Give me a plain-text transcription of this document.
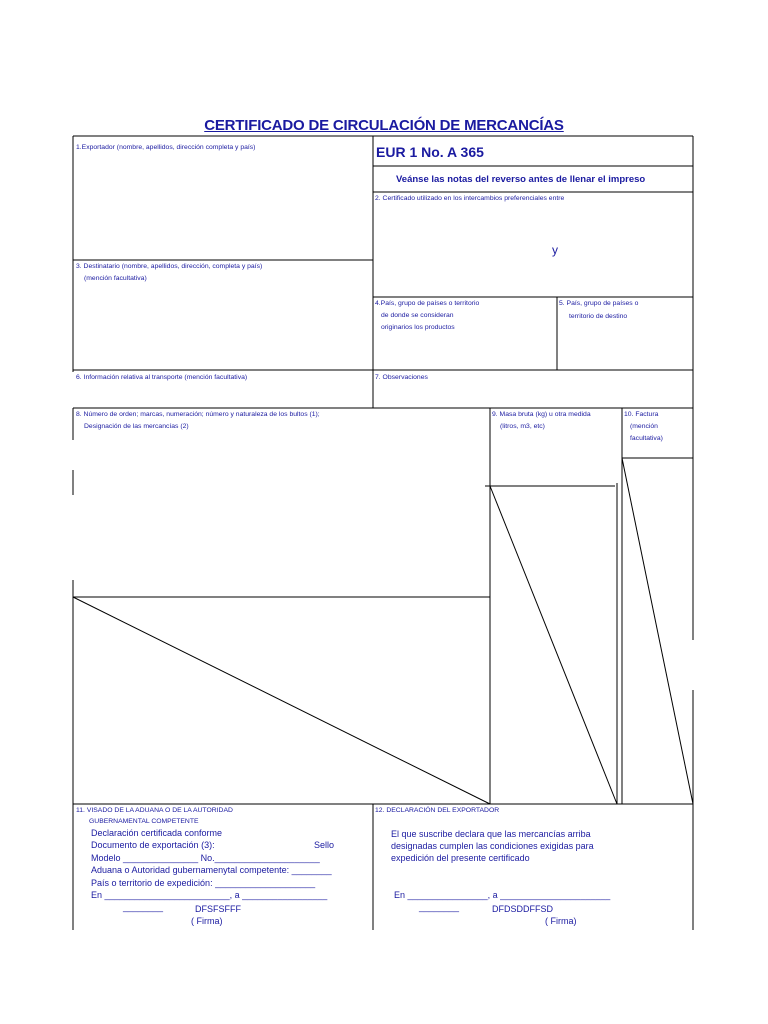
CERTIFICADO DE CIRCULACIÓN DE MERCANCÍAS
1.Exportador (nombre, apellidos, dirección completa y país)	EUR 1 No. A 365
Veánse las notas del reverso antes de llenar el impreso
2. Certificado utilizado en los intercambios preferenciales entre
y
3. Destinatario (nombre, apellidos, dirección, completa y país)
(mención facultativa)
4.País, grupo de países o territorio
de donde se consideran
originarios los productos
5. País, grupo de países o
territorio de destino
6. Información relativa al transporte (mención facultativa)	7. Observaciones
8. Número de orden; marcas, numeración; número y naturaleza de los bultos (1);
Designación de las mercancías (2)
9. Masa bruta (kg) u otra medida
(litros, m3, etc)
10. Factura
(mención
facultativa)
11. VISADO DE LA ADUANA O DE LA AUTORIDAD
GUBERNAMENTAL COMPETENTE
Declaración certificada conforme
Documento de exportación (3):	Sello
Modelo _______________ No._____________________
Aduana o Autoridad gubernamenytal competente: ________
País o territorio de expedición: ____________________
En _________________________, a _________________
________	DFSFSFFF
( Firma)
12. DECLARACIÓN DEL EXPORTADOR
El que suscribe declara que las mercancías arriba
designadas cumplen las condiciones exigidas para
expedición del presente certificado
En ________________, a ______________________
________	DFDSDDFFSD
( Firma)
